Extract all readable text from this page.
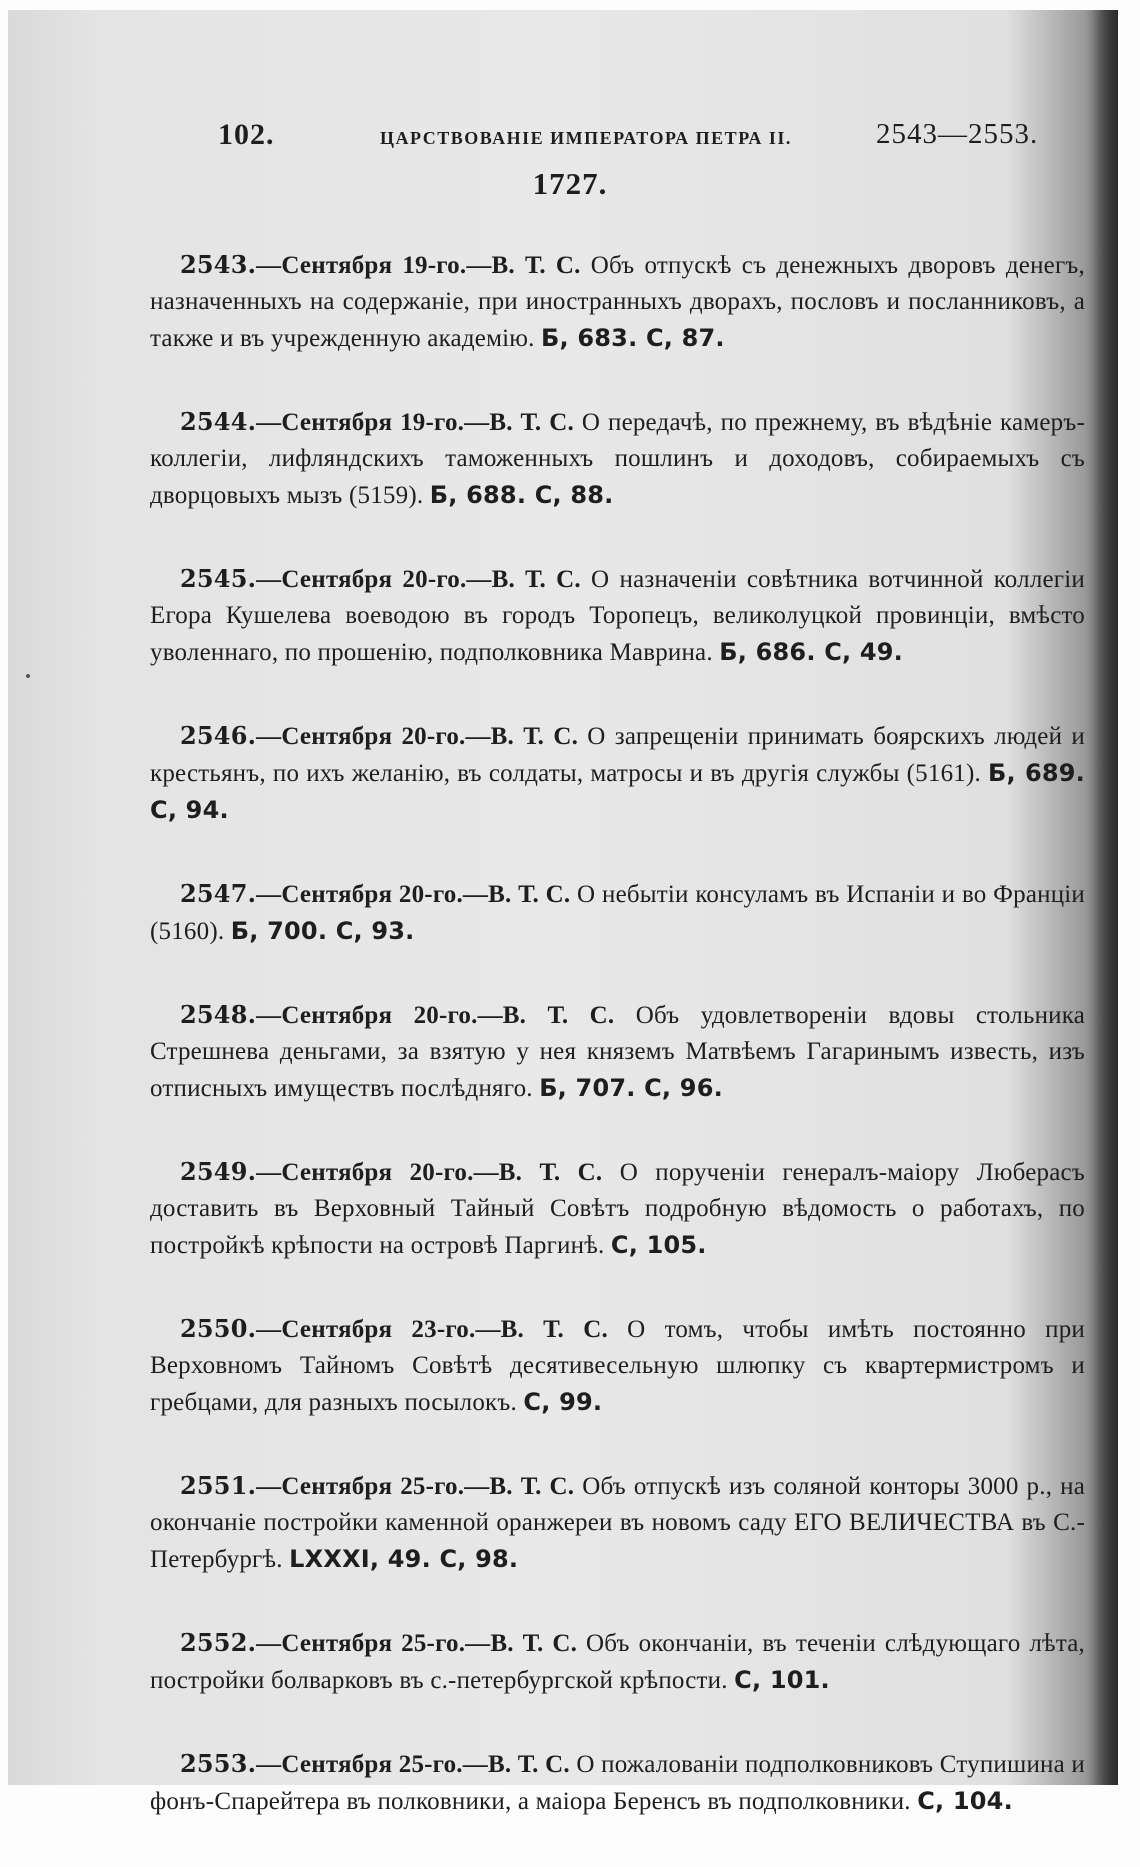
102.	ЦАРСТВОВАНІЕ ИМПЕРАТОРА ПЕТРА II.	2543—2553.
1727.

2543.—Сентября 19-го.—В. Т. С. Объ отпускѣ съ денежныхъ дворовъ денегъ, назначенныхъ на содержаніе, при иностранныхъ дворахъ, пословъ и посланниковъ, а также и въ учрежденную академію. Б, 683. С, 87.

2544.—Сентября 19-го.—В. Т. С. О передачѣ, по прежнему, въ вѣдѣніе камеръ-коллегіи, лифляндскихъ таможенныхъ пошлинъ и доходовъ, собираемыхъ съ дворцовыхъ мызъ (5159). Б, 688. С, 88.

2545.—Сентября 20-го.—В. Т. С. О назначеніи совѣтника вотчинной коллегіи Егора Кушелева воеводою въ городъ Торопецъ, великолуцкой провинціи, вмѣсто уволеннаго, по прошенію, подполковника Маврина. Б, 686. С, 49.

2546.—Сентября 20-го.—В. Т. С. О запрещеніи принимать боярскихъ людей и крестьянъ, по ихъ желанію, въ солдаты, матросы и въ другія службы (5161). Б, 689. С, 94.

2547.—Сентября 20-го.—В. Т. С. О небытіи консуламъ въ Испаніи и во Франціи (5160). Б, 700. С, 93.

2548.—Сентября 20-го.—В. Т. С. Объ удовлетвореніи вдовы стольника Стрешнева деньгами, за взятую у нея княземъ Матвѣемъ Гагаринымъ известь, изъ отписныхъ имуществъ послѣдняго. Б, 707. С, 96.

2549.—Сентября 20-го.—В. Т. С. О порученіи генералъ-маіору Люберасъ доставить въ Верховный Тайный Совѣтъ подробную вѣдомость о работахъ, по постройкѣ крѣпости на островѣ Паргинѣ. С, 105.

2550.—Сентября 23-го.—В. Т. С. О томъ, чтобы имѣть постоянно при Верховномъ Тайномъ Совѣтѣ десятивесельную шлюпку съ квартермистромъ и гребцами, для разныхъ посылокъ. С, 99.

2551.—Сентября 25-го.—В. Т. С. Объ отпускѣ изъ соляной конторы 3000 р., на окончаніе постройки каменной оранжереи въ новомъ саду ЕГО ВЕЛИЧЕСТВА въ С.-Петербургѣ. LXXXI, 49. С, 98.

2552.—Сентября 25-го.—В. Т. С. Объ окончаніи, въ теченіи слѣдующаго лѣта, постройки болварковъ въ с.-петербургской крѣпости. С, 101.

2553.—Сентября 25-го.—В. Т. С. О пожалованіи подполковниковъ Ступишина и фонъ-Спарейтера въ полковники, а маіора Беренсъ въ подполковники. С, 104.
